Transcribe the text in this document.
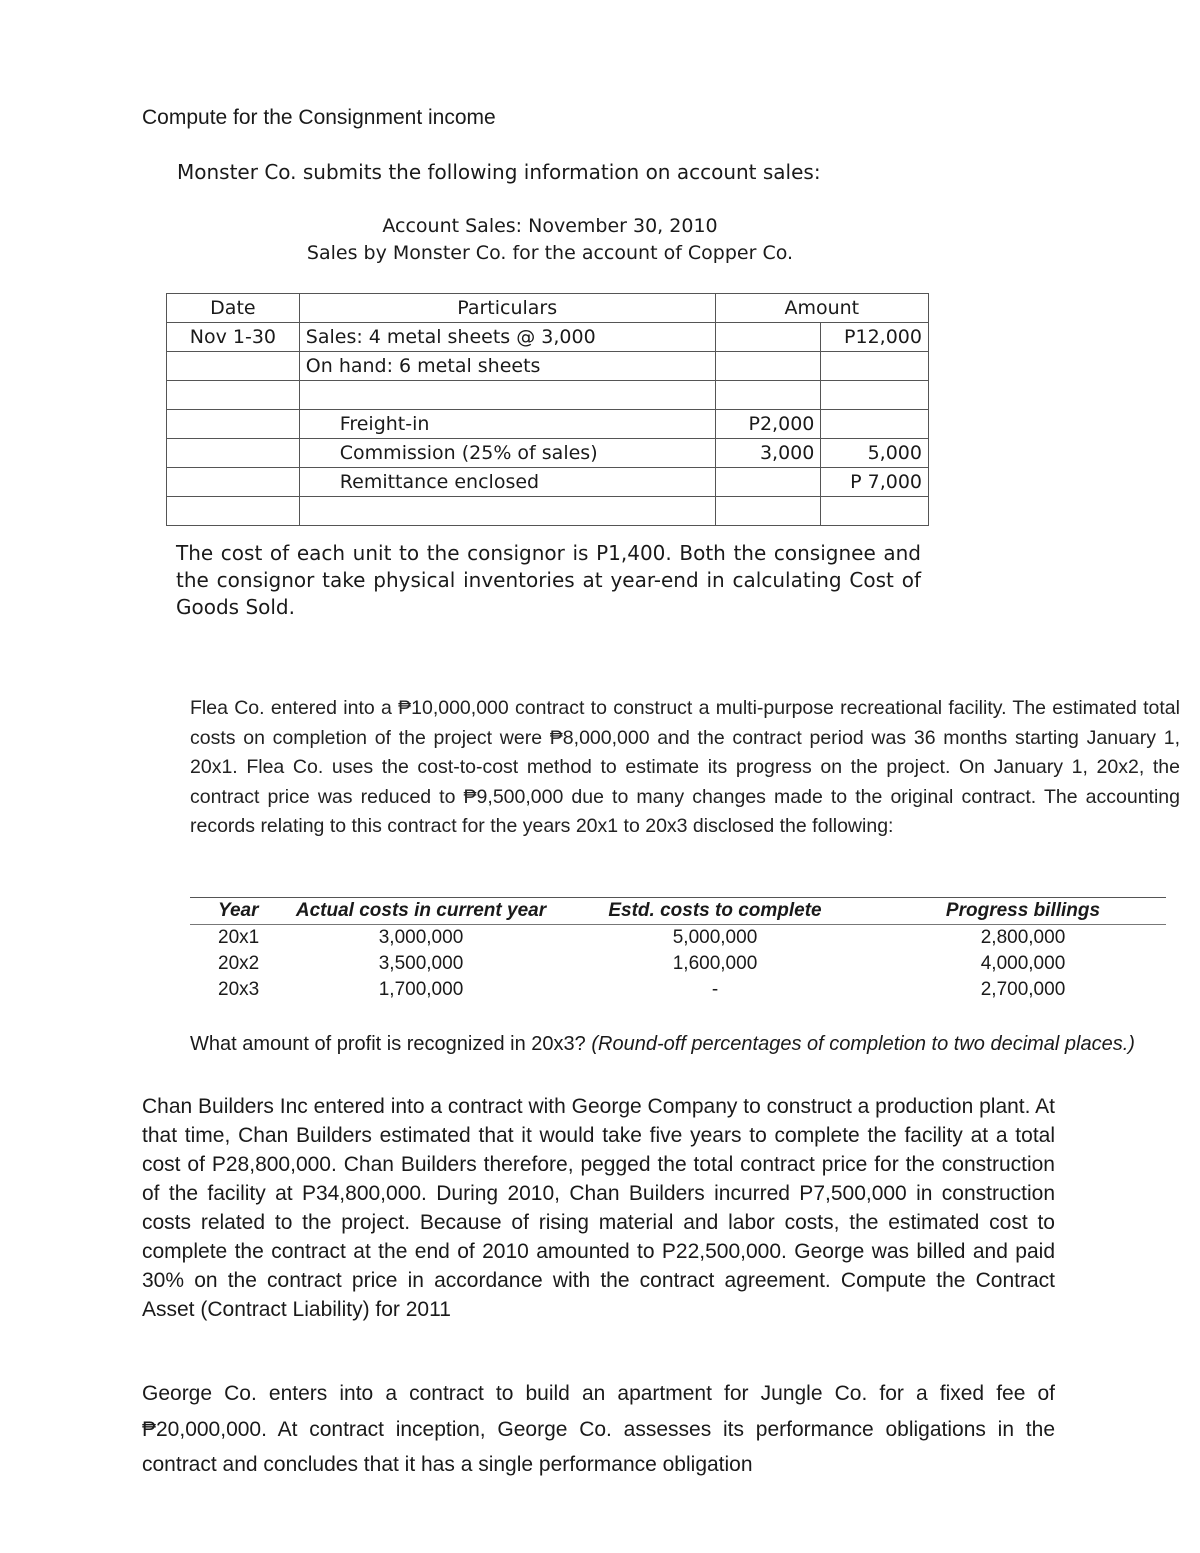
Compute for the Consignment income
Monster Co. submits the following information on account sales:
Account Sales: November 30, 2010
Sales by Monster Co. for the account of Copper Co.
Date	Particulars	Amount	
Nov 1-30	Sales: 4 metal sheets @ 3,000		P12,000
	On hand: 6 metal sheets		

	Freight-in	P2,000	
	Commission (25% of sales)	3,000	5,000
	Remittance enclosed		P 7,000

The cost of each unit to the consignor is P1,400. Both the consignee and the consignor take physical inventories at year-end in calculating Cost of Goods Sold.
Flea Co. entered into a ₱10,000,000 contract to construct a multi-purpose recreational facility. The estimated total costs on completion of the project were ₱8,000,000 and the contract period was 36 months starting January 1, 20x1. Flea Co. uses the cost-to-cost method to estimate its progress on the project. On January 1, 20x2, the contract price was reduced to ₱9,500,000 due to many changes made to the original contract. The accounting records relating to this contract for the years 20x1 to 20x3 disclosed the following:
Year	Actual costs in current year	Estd. costs to complete	Progress billings
20x1	3,000,000	5,000,000	2,800,000
20x2	3,500,000	1,600,000	4,000,000
20x3	1,700,000	-	2,700,000
What amount of profit is recognized in 20x3? (Round-off percentages of completion to two decimal places.)
Chan Builders Inc entered into a contract with George Company to construct a production plant. At that time, Chan Builders estimated that it would take five years to complete the facility at a total cost of P28,800,000. Chan Builders therefore, pegged the total contract price for the construction of the facility at P34,800,000. During 2010, Chan Builders incurred P7,500,000 in construction costs related to the project. Because of rising material and labor costs, the estimated cost to complete the contract at the end of 2010 amounted to P22,500,000. George was billed and paid 30% on the contract price in accordance with the contract agreement. Compute the Contract Asset (Contract Liability) for 2011
George Co. enters into a contract to build an apartment for Jungle Co. for a fixed fee of ₱20,000,000. At contract inception, George Co. assesses its performance obligations in the contract and concludes that it has a single performance obligation
